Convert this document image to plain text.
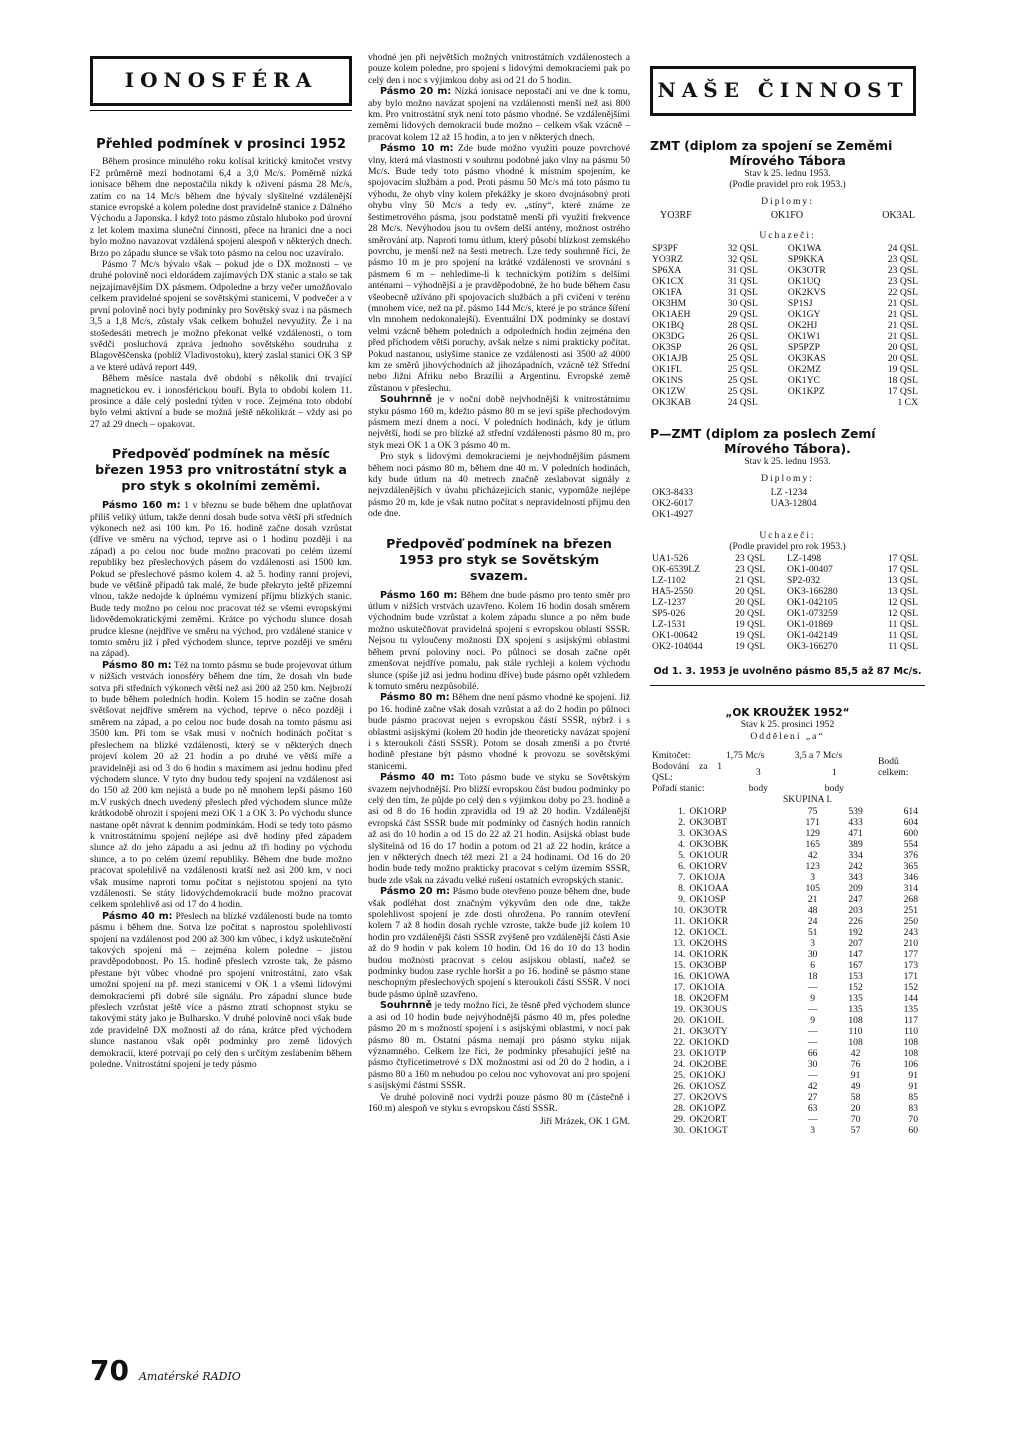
IONOSFÉRA
Přehled podmínek v prosinci 1952

Během prosince minulého roku kolísal kritický kmitočet vrstvy F2 průměrně mezi hodnotami 6,4 a 3,0 Mc/s. Poměrně nízká ionisace během dne nepostačila nikdy k oživení pásma 28 Mc/s, zatím co na 14 Mc/s během dne bývaly slyšitelné vzdálenější stanice evropské a kolem poledne dost pravidelně stanice z Dálného Východu a Japonska. I když toto pásmo zůstalo hluboko pod úrovní z let kolem maxima sluneční činnosti, přece na hranici dne a noci bylo možno navazovat vzdálená spojení alespoň v některých dnech. Brzo po západu slunce se však toto pásmo na celou noc uzavíralo.

Pásmo 7 Mc/s bývalo však – pokud jde o DX možnosti – ve druhé polovině noci eldorádem zajímavých DX stanic a stalo se tak nejzajímavějším DX pásmem. Odpoledne a brzy večer umožňovalo celkem pravidelné spojení se sovětskými stanicemi, V podvečer a v první polovině noci byly podmínky pro Sovětský svaz i na pásmech 3,5 a 1,8 Mc/s, zůstaly však celkem bohužel nevyužity. Že i na stošedesáti metrech je možno překonat velké vzdálenosti, o tom svědčí posluchová zpráva jednoho sovětského soudruha z Blagověščenska (poblíž Vladivostoku), který zaslal stanici OK 3 SP a ve které udává report 449.

Během měsíce nastala dvě období s několik dní trvající magnetickou ev. i ionosférickou bouří. Byla to období kolem 11. prosince a dále celý poslední týden v roce. Zejména toto období bylo velmi aktivní a bude se možná ještě několikrát – vždy asi po 27 až 29 dnech – opakovat.

Předpověď podmínek na měsíc březen 1953 pro vnitrostátní styk a pro styk s okolními zeměmi.

Pásmo 160 m: 1 v březnu se bude během dne uplatňovat příliš veliký útlum, takže denní dosah bude sotva větší při středních výkonech než asi 100 km. Po 16. hodině začne dosah vzrůstat (dříve ve směru na východ, teprve asi o 1 hodinu později i na západ) a po celou noc bude možno pracovati po celém území republiky bez přeslechových pásem do vzdálenosti asi 1500 km. Pokud se přeslechové pásmo kolem 4. až 5. hodiny ranní projeví, bude ve většině případů tak malé, že bude překryto ještě přízemní vlnou, takže nedojde k úplnému vymizení příjmu blízkých stanic. Bude tedy možno po celou noc pracovat též se všemi evropskými lidovědemokratickými zeměmi. Krátce po východu slunce dosah prudce klesne (nejdříve ve směru na východ, pro vzdálené stanice v tomto směru již i před východem slunce, teprve později ve směru na západ).

Pásmo 80 m: Též na tomto pásmu se bude projevovat útlum v nižších vrstvách ionosféry během dne tím, že dosah vln bude sotva při středních výkonech větší než asi 200 až 250 km. Nejbroží to bude během poledních hodin. Kolem 15 hodin se začne dosah světšovat nejdříve směrem na východ, teprve o něco později i směrem na západ, a po celou noc bude dosah na tomto pásmu asi 3500 km. Při tom se však musí v nočních hodinách počítat s přeslechem na blízké vzdálenosti, který se v některých dnech projeví kolem 20 až 21 hodin a po druhé ve větší míře a pravidelněji asi od 3 do 6 hodin s maximem asi jednu hodinu před východem slunce. V tyto dny budou tedy spojení na vzdálenost asi do 150 až 200 km nejistá a bude po ně mnohem lepší pásmo 160 m.V ruských dnech uvedený přeslech před východem slunce může krátkodobě ohrozit i spojení mezi OK 1 a OK 3. Po východu slunce nastane opět návrat k denním podmínkám. Hodí se tedy toto pásmo k vnitrostátnímu spojení nejlépe asi dvě hodiny před západem slunce až do jeho západu a asi jednu až tři hodiny po východu slunce, a to po celém území republiky. Během dne bude možno pracovat spolehlivě na vzdálenosti kratší než asi 200 km, v noci však musíme naproti tomu počítat s nejistotou spojení na tyto vzdálenosti. Se státy lidovýchdemokracií bude možno pracovat celkem spolehlivě asi od 17 do 4 hodin.

Pásmo 40 m: Přeslech na blízké vzdálenosti bude na tomto pásmu i během dne. Sotva lze počítat s naprostou spolehlivostí spojení na vzdálenost pod 200 až 300 km vůbec, i když uskutečnění takových spojení má – zejména kolem poledne – jistou pravděpodobnost. Po 15. hodině přeslech vzroste tak, že pásmo přestane být vůbec vhodné pro spojení vnitrostátní, zato však umožní spojení na př. mezi stanicemi v OK 1 a všemi lidovými demokraciemi při dobré síle signálu. Pro západní slunce bude přeslech vzrůstat ještě více a pásmo ztratí schopnost styku se takovými státy jako je Bulharsko. V druhé polovině noci však bude zde pravidelně DX možností až do rána, krátce před východem slunce nastanou však opět podmínky pro země lidových demokracií, které potrvají po celý den s určitým zeslabením během poledne. Vnitrostátní spojení je tedy pásmo

vhodné jen při největších možných vnitrostátních vzdálenostech a pouze kolem poledne, pro spojení s lidovými demokraciemi pak po celý den i noc s výjimkou doby asi od 21 do 5 hodin.

Pásmo 20 m: Nízká ionisace nepostačí ani ve dne k tomu, aby bylo možno navázat spojení na vzdálenosti menší než asi 800 km. Pro vnitrostátní styk není toto pásmo vhodné. Se vzdálenějšími zeměmi lidových demokracií bude možno – celkem však vzácně – pracovat kolem 12 až 15 hodin, a to jen v některých dnech.

Pásmo 10 m: Zde bude možno využiti pouze povrchové vlny, která má vlastnosti v souhrnu podobné jako vlny na pásmu 50 Mc/s. Bude tedy toto pásmo vhodné k místním spojením, ke spojovacím službám a pod. Proti pásmu 50 Mc/s má toto pásmo tu výhodu, že ohyb vlny kolem překážky je skoro dvojnásobný proti ohybu vlny 50 Mc/s a tedy ev. „stíny“, které známe ze šestimetrového pásma, jsou podstatně menší při využití frekvence 28 Mc/s. Nevýhodou jsou tu ovšem delší antény, možnost ostrého směrování atp. Naproti tomu útlum, který působí blízkost zemského povrchu, je menší než na šesti metrech. Lze tedy souhrnně říci, že pásmo 10 m je pro spojení na krátké vzdálenosti ve srovnání s pásmem 6 m – nehledíme-li k technickým potížím s delšími anténami – výhodnější a je pravděpodobné, že ho bude během času všeobecně užíváno při spojovacích službách a při cvičení v terénu (mnohem více, než na př. pásmo 144 Mc/s, které je po stránce šíření vln mnohem nedokonalejší). Eventuální DX podmínky se dostaví velmi vzácně během poledních a odpoledních hodin zejména den před příchodem větší poruchy, avšak nelze s nimi prakticky počítat. Pokud nastanou, uslyšíme stanice ze vzdálenosti asi 3500 až 4000 km ze směrů jihovýchodních až jihozápadních, vzácně též Střední nebo Jižní Afriku nebo Brazílii a Argentinu. Evropské země zůstanou v přeslechu.

Souhrnně je v noční době nejvhodnější k vnitrostátnímu styku pásmo 160 m, kdežto pásmo 80 m se jeví spíše přechodovým pásmem mezi dnem a nocí. V poledních hodinách, kdy je útlum největší, hodí se pro blízké až střední vzdálenosti pásmo 80 m, pro styk mezi OK 1 a OK 3 pásmo 40 m.

Pro styk s lidovými demokraciemi je nejvhodnějším pásmem během noci pásmo 80 m, během dne 40 m. V poledních hodinách, kdy bude útlum na 40 metrech značně zeslabovat signály z nejvzdálenějších v úvahu přicházejících stanic, vypomůže nejlépe pásmo 20 m, kde je však nutno počítat s nepravidelností příjmu den ode dne.

Předpověď podmínek na březen 1953 pro styk se Sovětským svazem.

Pásmo 160 m: Během dne bude pásmo pro tento směr pro útlum v nižších vrstvách uzavřeno. Kolem 16 hodin dosah směrem východním bude vzrůstat a kolem západu slunce a po něm bude možno uskutečňovat pravidelná spojení s evropskou oblastí SSSR. Nejsou tu vyloučeny možnosti DX spojení s asijskými oblastmi během první poloviny noci. Po půlnoci se dosah začne opět zmenšovat nejdříve pomalu, pak stále rychleji a kolem východu slunce (spíše již asi jednu hodinu dříve) bude pásmo opět vzhledem k tomuto směru nezpůsobilé.

Pásmo 80 m: Během dne není pásmo vhodné ke spojení. Již po 16. hodině začne však dosah vzrůstat a až do 2 hodin po půlnoci bude pásmo pracovat nejen s evropskou částí SSSR, nýbrž i s oblastmi asijskými (kolem 20 hodin jde theoreticky navázat spojení i s kteroukoli částí SSSR). Potom se dosah zmenší a po čtvrté hodině přestane být pásmo vhodné k provozu se sovětskými stanicemi.

Pásmo 40 m: Toto pásmo bude ve styku se Sovětským svazem nejvhodnější. Pro bližší evropskou část budou podmínky po celý den tím, že půjde po celý den s výjimkou doby po 23. hodině a asi od 8 do 16 hodin zpravidla od 19 až 20 hodin. Vzdálenější evropská část SSSR bude mít podmínky od časných hodin ranních až asi do 10 hodin a od 15 do 22 až 21 hodin. Asijská oblast bude slyšitelná od 16 do 17 hodin a potom od 21 až 22 hodin, krátce a jen v některých dnech též mezi 21 a 24 hodinami. Od 16 do 20 hodin bude tedy možno prakticky pracovat s celým územím SSSR, bude zde však na závadu velké rušení ostatních evropských stanic.

Pásmo 20 m: Pásmo bude otevřeno pouze během dne, bude však podléhat dost značným výkyvům den ode dne, takže spolehlivost spojení je zde dosti ohrožena. Po ranním otevření kolem 7 až 8 hodin dosah rychle vzroste, takže bude již kolem 10 hodin pro vzdálenější části SSSR zvýšeně pro vzdálenější části Asie až do 9 hodin v pak kolem 10 hodin. Od 16 do 10 do 13 hodin budou možnosti pracovat s celou asijskou oblastí, načež se podmínky budou zase rychle horšit a po 16. hodině se pásmo stane neschopným přeslechových spojení s kteroukoli částí SSSR. V noci bude pásmo úplně uzavřeno.

Souhrnně je tedy možno říci, že těsně před východem slunce a asi od 10 hodin bude nejvýhodnější pásmo 40 m, přes poledne pásmo 20 m s možností spojení i s asijskými oblastmi, v nocí pak pásmo 80 m. Ostatní pásma nemají pro pásmo styku nijak významného. Celkem lze říci, že podmínky přesahující ještě na pásmo čtyřicetimetrové s DX možnostmi asi od 20 do 2 hodin, a i pásmo 80 a 160 m nebudou po celou noc vyhovovat ani pro spojení s asijskými částmi SSSR.

Ve druhé polovině noci vydrží pouze pásmo 80 m (částečně i 160 m) alespoň ve styku s evropskou částí SSSR.

Jiří Mrázek, OK 1 GM.
NAŠE ČINNOST
ZMT (diplom za spojení se Zeměmi
Mírového Tábora
Stav k 25. lednu 1953.
(Podle pravidel pro rok 1953.)
Diplomy:
YO3RF	OK1FO	OK3AL
Uchazeči:
SP3PF	32 QSL	OK1WA	24 QSL
YO3RZ	32 QSL	SP9KKA	23 QSL
SP6XA	31 QSL	OK3OTR	23 QSL
OK1CX	31 QSL	OK1UQ	23 QSL
OK1FA	31 QSL	OK2KVS	22 QSL
OK3HM	30 QSL	SP1SJ	21 QSL
OK1AEH	29 QSL	OK1GY	21 QSL
OK1BQ	28 QSL	OK2HJ	21 QSL
OK3DG	26 QSL	OK1W1	21 QSL
OK3SP	26 QSL	SP5PZP	20 QSL
OK1AJB	25 QSL	OK3KAS	20 QSL
OK1FL	25 QSL	OK2MZ	19 QSL
OK1NS	25 QSL	OK1YC	18 QSL
OK1ZW	25 QSL	OK1KPZ	17 QSL
OK3KAB	24 QSL		1 CX
P—ZMT (diplom za poslech Zemí
Mírového Tábora).
Stav k 25. lednu 1953.
Diplomy:
OK3-8433	LZ -1234
OK2-6017	UA3-12804
OK1-4927	
Uchazeči:
(Podle pravidel pro rok 1953.)
UA1-526	23 QSL	LZ-1498	17 QSL
OK-6539LZ	23 QSL	OK1-00407	17 QSL
LZ-1102	21 QSL	SP2-032	13 QSL
HA5-2550	20 QSL	OK3-166280	13 QSL
LZ-1237	20 QSL	OK1-042105	12 QSL
SP5-026	20 QSL	OK1-073259	12 QSL
LZ-1531	19 QSL	OK1-01869	11 QSL
OK1-00642	19 QSL	OK1-042149	11 QSL
OK2-104044	19 QSL	OK3-166270	11 QSL
Od 1. 3. 1953 je uvolněno pásmo 85,5 až 87 Mc/s.
„OK KROUŽEK 1952“
Stav k 25. prosinci 1952
Oddělení „a“
Kmitočet:	1,75 Mc/s	3,5 a 7 Mc/s	Bodů celkem:
Bodování za 1 QSL:	3	1	
Pořadí stanic:	body	body	
SKUPINA I.
1.	OK1ORP	75	539	614
2.	OK3OBT	171	433	604
3.	OK3OAS	129	471	600
4.	OK3OBK	165	389	554
5.	OK1OUR	42	334	376
6.	OK1ORV	123	242	365
7.	OK1OJA	3	343	346
8.	OK1OAA	105	209	314
9.	OK1OSP	21	247	268
10.	OK3OTR	48	203	251
11.	OK1OKR	24	226	250
12.	OK1OCL	51	192	243
13.	OK2OHS	3	207	210
14.	OK1ORK	30	147	177
15.	OK3OBP	6	167	173
16.	OK1OWA	18	153	171
17.	OK1OIA	—	152	152
18.	OK2OFM	9	135	144
19.	OK3OUS	—	135	135
20.	OK1OIL	9	108	117
21.	OK3OTY	—	110	110
22.	OK1OKD	—	108	108
23.	OK1OTP	66	42	108
24.	OK2OBE	30	76	106
25.	OK1OKJ	—	91	91
26.	OK1OSZ	42	49	91
27.	OK2OVS	27	58	85
28.	OK1OPZ	63	20	83
29.	OK2ORT	—	70	70
30.	OK1OGT	3	57	60
70 Amatérské RADIO
